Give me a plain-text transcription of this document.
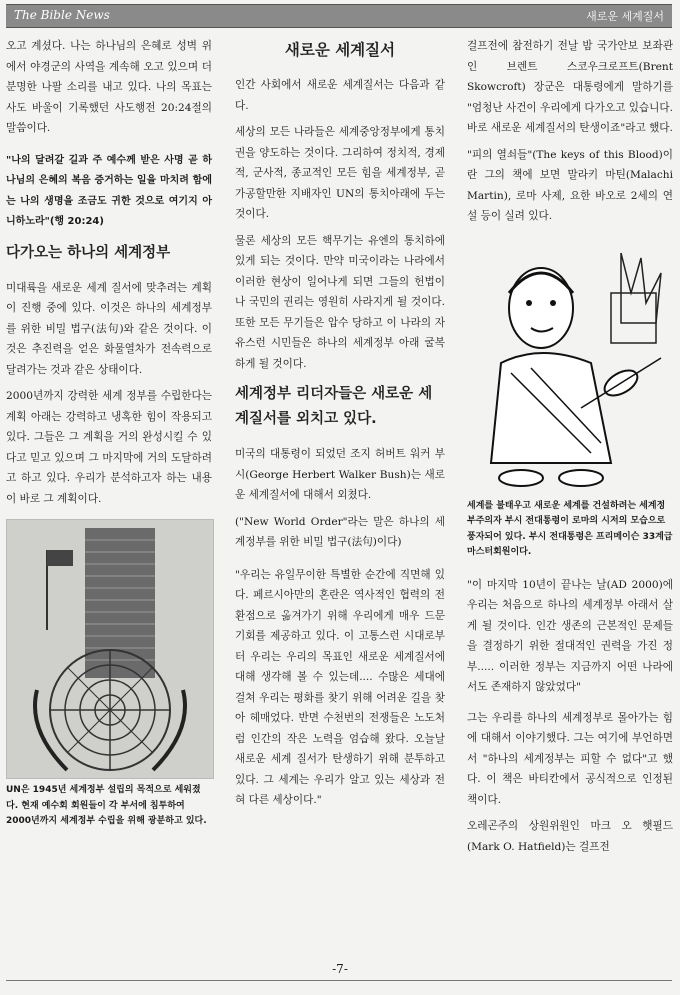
The Bible News	새로운 세계질서

오고 계셨다. 나는 하나님의 은혜로 성벽 위에서 야경군의 사역을 계속해 오고 있으며 더 분명한 나팔 소리를 내고 있다. 나의 목표는 사도 바울이 기록했던 사도행전 20:24절의 말씀이다.

"나의 달려갈 길과 주 예수께 받은 사명 곧 하나님의 은혜의 복음 증거하는 일을 마치려 함에는 나의 생명을 조금도 귀한 것으로 여기지 아니하노라"(행 20:24)

다가오는 하나의 세계정부

미대륙을 새로운 세계 질서에 맞추려는 계획이 진행 중에 있다. 이것은 하나의 세계정부를 위한 비밀 법구(法句)와 같은 것이다. 이것은 추진력을 얻은 화물열차가 전속력으로 달려가는 것과 같은 상태이다.

2000년까지 강력한 세계 정부를 수립한다는 계획 아래는 강력하고 냉혹한 힘이 작용되고 있다. 그들은 그 계획을 거의 완성시킬 수 있다고 믿고 있으며 그 마지막에 거의 도달하려고 하고 있다. 우리가 분석하고자 하는 내용이 바로 그 계획이다.

UN은 1945년 세계정부 설립의 목적으로 세워졌다. 현재 예수회 회원들이 각 부서에 침투하여 2000년까지 세계정부 수립을 위해 광분하고 있다.
새로운 세계질서

인간 사회에서 새로운 세계질서는 다음과 같다.

세상의 모든 나라들은 세계중앙정부에게 통치권을 양도하는 것이다. 그리하여 정치적, 경제적, 군사적, 종교적인 모든 힘을 세계정부, 곧 가공할만한 지배자인 UN의 통치아래에 두는 것이다.

물론 세상의 모든 핵무기는 유엔의 통치하에 있게 되는 것이다. 만약 미국이라는 나라에서 이러한 현상이 일어나게 되면 그들의 헌법이나 국민의 권리는 영원히 사라지게 될 것이다. 또한 모든 무기들은 압수 당하고 이 나라의 자유스런 시민들은 하나의 세계정부 아래 굴복하게 될 것이다.

세계정부 리더자들은 새로운 세계질서를 외치고 있다.

미국의 대통령이 되었던 조지 허버트 워커 부시(George Herbert Walker Bush)는 새로운 세계질서에 대해서 외쳤다.

("New World Order"라는 말은 하나의 세계정부를 위한 비밀 법구(法句)이다)

"우리는 유일무이한 특별한 순간에 직면해 있다. 페르시아만의 혼란은 역사적인 협력의 전환점으로 옮겨가기 위해 우리에게 매우 드문 기회를 제공하고 있다. 이 고통스런 시대로부터 우리는 우리의 목표인 새로운 세계질서에 대해 생각해 볼 수 있는데.... 수많은 세대에 걸쳐 우리는 평화를 찾기 위해 어려운 길을 찾아 헤매었다. 반면 수천번의 전쟁들은 노도처럼 인간의 작은 노력을 엄습해 왔다. 오늘날 새로운 세계 질서가 탄생하기 위해 분투하고 있다. 그 세계는 우리가 알고 있는 세상과 전혀 다른 세상이다."

걸프전에 참전하기 전날 밤 국가안보 보좌관인 브렌트 스코우크로프트(Brent Skowcroft) 장군은 대통령에게 말하기를 "엄청난 사건이 우리에게 다가오고 있습니다. 바로 새로운 세계질서의 탄생이죠"라고 했다.

"피의 열쇠들"(The keys of this Blood)이란 그의 책에 보면 말라키 마틴(Malachi Martin), 로마 사제, 요한 바오로 2세의 연설 등이 실려 있다.

세계를 불태우고 새로운 세계를 건설하려는 세계정부주의자 부시 전대통령이 로마의 시저의 모습으로 풍자되어 있다. 부시 전대통령은 프리메이슨 33계급 마스터회원이다.

"이 마지막 10년이 끝나는 날(AD 2000)에 우리는 처음으로 하나의 세계정부 아래서 살게 될 것이다. 인간 생존의 근본적인 문제들을 결정하기 위한 절대적인 권력을 가진 정부..... 이러한 정부는 지금까지 어떤 나라에서도 존재하지 않았었다"

그는 우리를 하나의 세계정부로 몰아가는 힘에 대해서 이야기했다. 그는 여기에 부언하면서 "하나의 세계정부는 피할 수 없다"고 했다. 이 책은 바티칸에서 공식적으로 인정된 책이다.

오레곤주의 상원위원인 마크 오 햇필드(Mark O. Hatfield)는 걸프전

-7-
